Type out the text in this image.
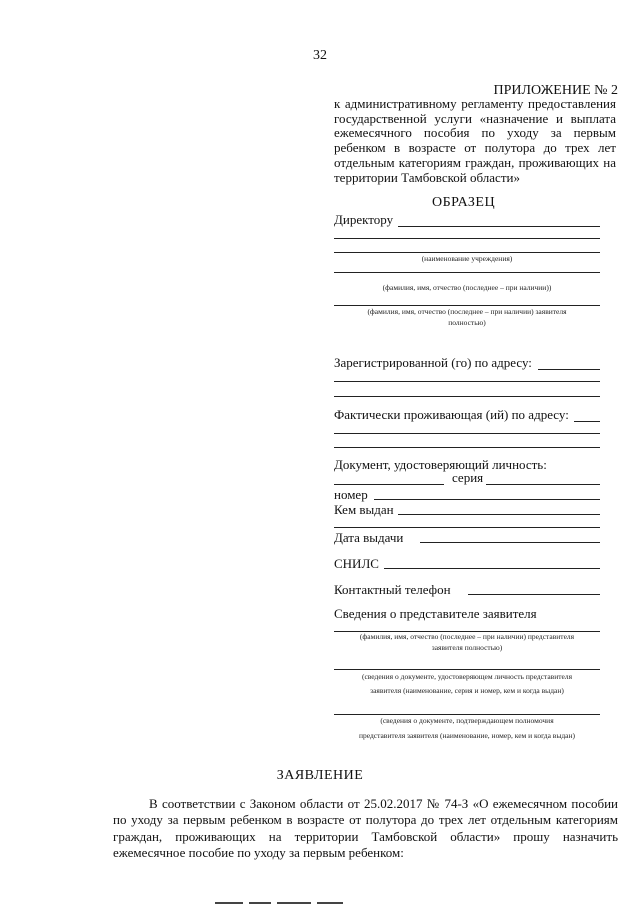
32
ПРИЛОЖЕНИЕ № 2
к административному регламенту предоставления государственной услуги «назначение и выплата ежемесячного пособия по уходу за первым ребенком в возрасте от полутора до трех лет отдельным категориям граждан, проживающих на территории Тамбовской области»
ОБРАЗЕЦ
Директору
(наименование учреждения)
(фамилия, имя, отчество (последнее – при наличии))
(фамилия, имя, отчество (последнее – при наличии) заявителя
полностью)
Зарегистрированной (го) по адресу:
Фактически проживающая (ий) по адресу:
Документ, удостоверяющий личность:
серия
номер
Кем выдан
Дата выдачи
СНИЛС
Контактный телефон
Сведения о представителе заявителя
(фамилия, имя, отчество (последнее – при наличии) представителя
заявителя полностью)
(сведения о документе, удостоверяющем личность представителя
заявителя (наименование, серия и номер, кем и когда выдан)
(сведения о документе, подтверждающем полномочия
представителя заявителя (наименование, номер, кем и когда выдан)
ЗАЯВЛЕНИЕ
В соответствии с Законом области от 25.02.2017 № 74-З «О ежемесячном пособии по уходу за первым ребенком в возрасте от полутора до трех лет отдельным категориям граждан, проживающих на территории Тамбовской области» прошу назначить ежемесячное пособие по уходу за первым ребенком:
